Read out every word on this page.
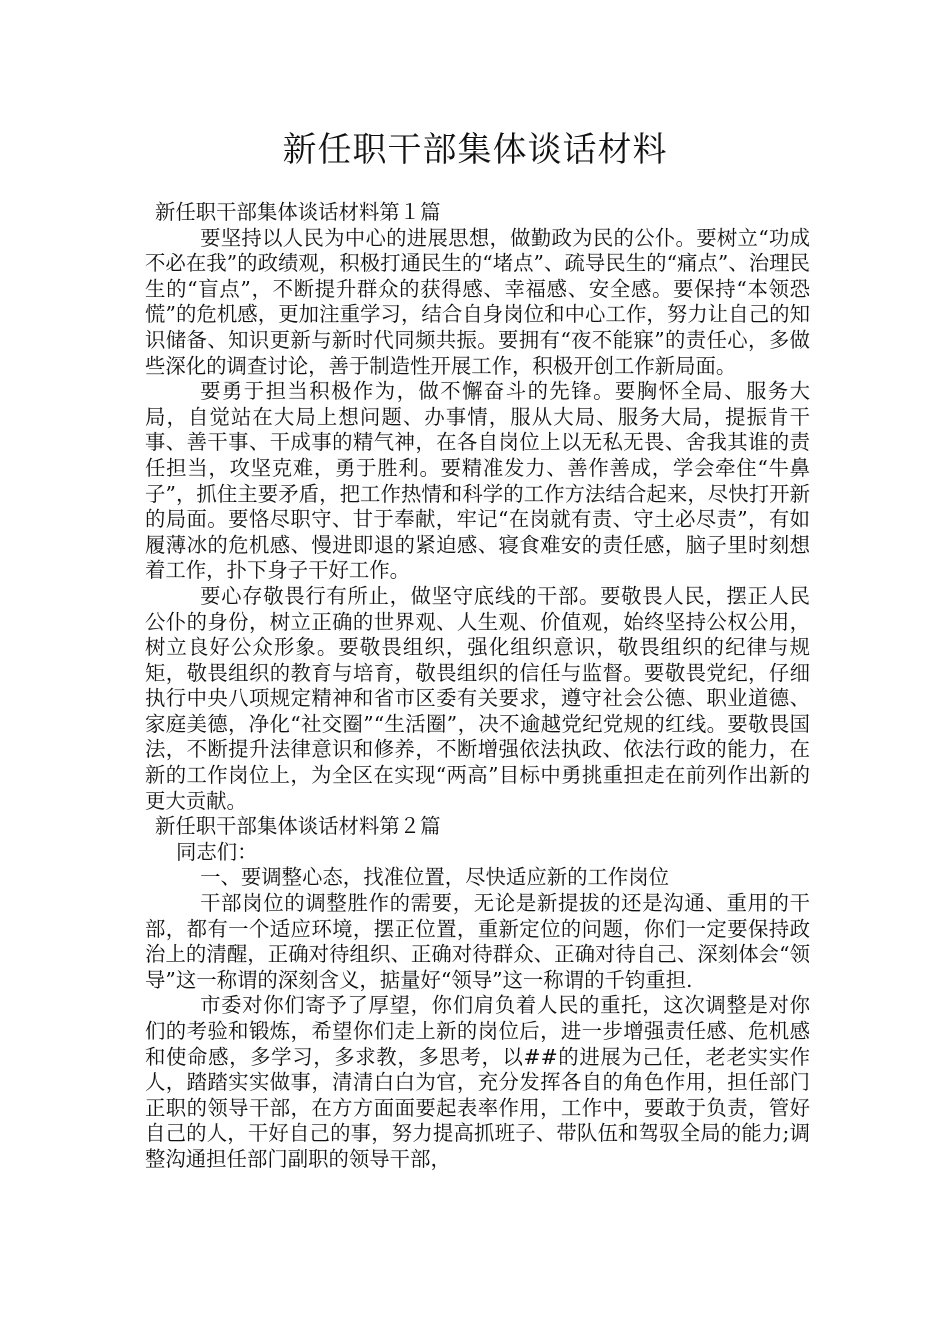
新任职干部集体谈话材料

新任职干部集体谈话材料第１篇

要坚持以人民为中心的进展思想，做勤政为民的公仆。要树立“功成不必在我”的政绩观，积极打通民生的“堵点”、疏导民生的“痛点”、治理民生的“盲点”，不断提升群众的获得感、幸福感、安全感。要保持“本领恐慌”的危机感，更加注重学习，结合自身岗位和中心工作，努力让自己的知识储备、知识更新与新时代同频共振。要拥有“夜不能寐”的责任心，多做些深化的调查讨论，善于制造性开展工作，积极开创工作新局面。

要勇于担当积极作为，做不懈奋斗的先锋。要胸怀全局、服务大局，自觉站在大局上想问题、办事情，服从大局、服务大局，提振肯干事、善干事、干成事的精气神，在各自岗位上以无私无畏、舍我其谁的责任担当，攻坚克难，勇于胜利。要精准发力、善作善成，学会牵住“牛鼻子”，抓住主要矛盾，把工作热情和科学的工作方法结合起来，尽快打开新的局面。要恪尽职守、甘于奉献，牢记“在岗就有责、守土必尽责”，有如履薄冰的危机感、慢进即退的紧迫感、寝食难安的责任感，脑子里时刻想着工作，扑下身子干好工作。

要心存敬畏行有所止，做坚守底线的干部。要敬畏人民，摆正人民公仆的身份，树立正确的世界观、人生观、价值观，始终坚持公权公用，树立良好公众形象。要敬畏组织，强化组织意识，敬畏组织的纪律与规矩，敬畏组织的教育与培育，敬畏组织的信任与监督。要敬畏党纪，仔细执行中央八项规定精神和省市区委有关要求，遵守社会公德、职业道德、家庭美德，净化“社交圈”“生活圈”，决不逾越党纪党规的红线。要敬畏国法，不断提升法律意识和修养，不断增强依法执政、依法行政的能力，在新的工作岗位上，为全区在实现“两高”目标中勇挑重担走在前列作出新的更大贡献。

新任职干部集体谈话材料第２篇

同志们：

一、要调整心态，找准位置，尽快适应新的工作岗位

干部岗位的调整胜作的需要，无论是新提拔的还是沟通、重用的干部，都有一个适应环境，摆正位置，重新定位的问题，你们一定要保持政治上的清醒，正确对待组织、正确对待群众、正确对待自己、深刻体会“领导”这一称谓的深刻含义，掂量好“领导”这一称谓的千钧重担.

市委对你们寄予了厚望，你们肩负着人民的重托，这次调整是对你们的考验和锻炼，希望你们走上新的岗位后，进一步增强责任感、危机感和使命感，多学习，多求教，多思考，以##的进展为己任，老老实实作人，踏踏实实做事，清清白白为官，充分发挥各自的角色作用，担任部门正职的领导干部，在方方面面要起表率作用，工作中，要敢于负责，管好自己的人，干好自己的事，努力提高抓班子、带队伍和驾驭全局的能力;调整沟通担任部门副职的领导干部，
